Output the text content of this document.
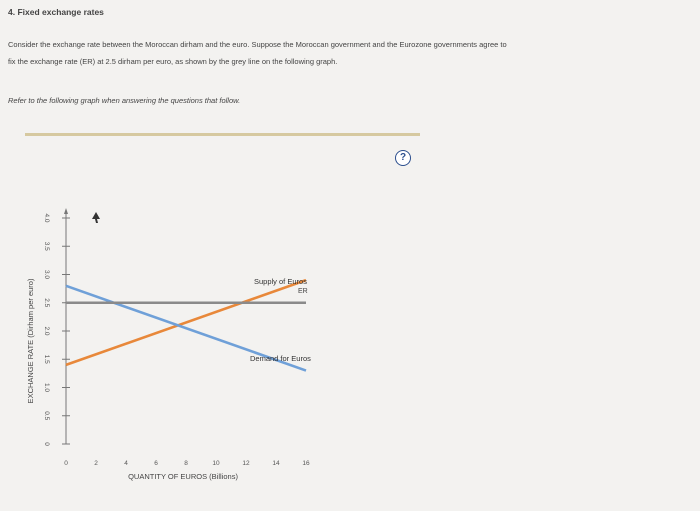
4. Fixed exchange rates
Consider the exchange rate between the Moroccan dirham and the euro. Suppose the Moroccan government and the Eurozone governments agree to
fix the exchange rate (ER) at 2.5 dirham per euro, as shown by the grey line on the following graph.
Refer to the following graph when answering the questions that follow.
?
0
0.5
1.0
1.5
2.0
2.5
3.0
3.5
4.0
0	2	4	6	8	10	12	14	16
QUANTITY OF EUROS (Billions)
EXCHANGE RATE (Dirham per euro)	Supply of Euros
ER
Demand for Euros
